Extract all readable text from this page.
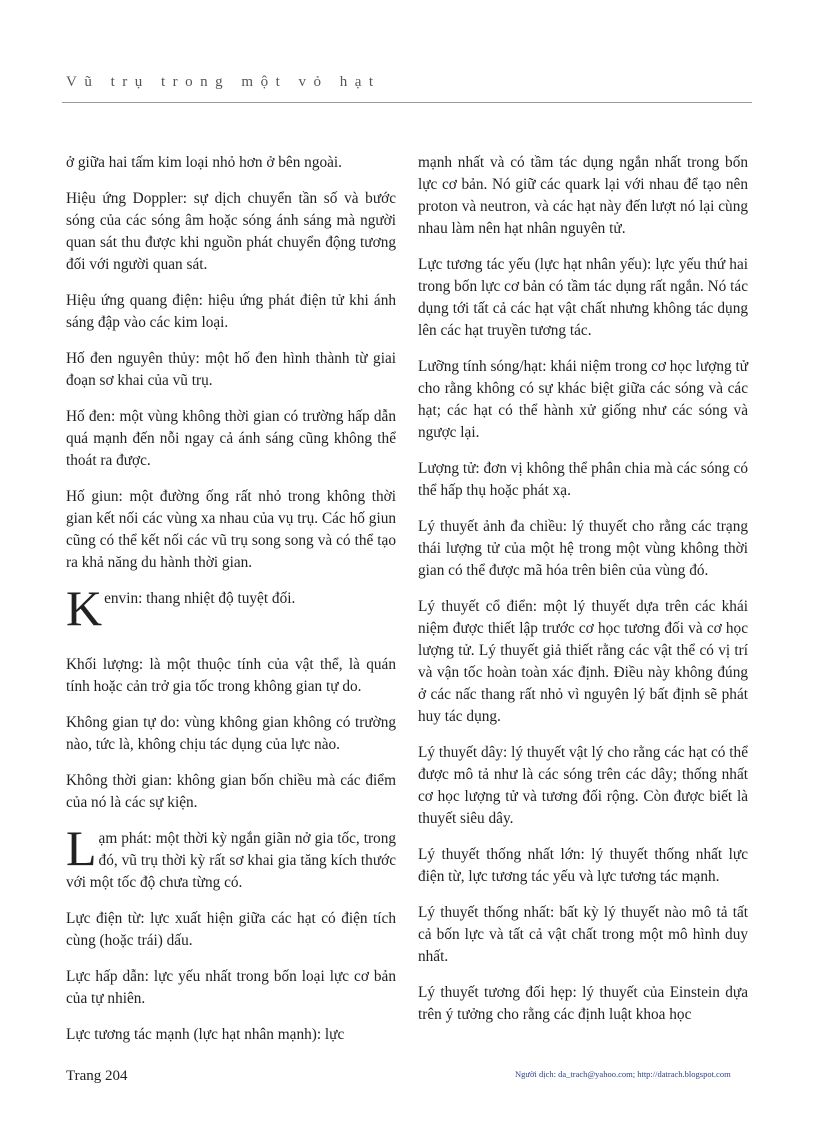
Vũ trụ trong một vỏ hạt

ở giữa hai tấm kim loại nhỏ hơn ở bên ngoài.

Hiệu ứng Doppler: sự dịch chuyển tần số và bước sóng của các sóng âm hoặc sóng ánh sáng mà người quan sát thu được khi nguồn phát chuyển động tương đối với người quan sát.

Hiệu ứng quang điện: hiệu ứng phát điện tử khi ánh sáng đập vào các kim loại.

Hố đen nguyên thủy: một hố đen hình thành từ giai đoạn sơ khai của vũ trụ.

Hố đen: một vùng không thời gian có trường hấp dẫn quá mạnh đến nỗi ngay cả ánh sáng cũng không thể thoát ra được.

Hố giun: một đường ống rất nhỏ trong không thời gian kết nối các vùng xa nhau của vụ trụ. Các hố giun cũng có thể kết nối các vũ trụ song song và có thể tạo ra khả năng du hành thời gian.

Kenvin: thang nhiệt độ tuyệt đối.

Khối lượng: là một thuộc tính của vật thể, là quán tính hoặc cản trở gia tốc trong không gian tự do.

Không gian tự do: vùng không gian không có trường nào, tức là, không chịu tác dụng của lực nào.

Không thời gian: không gian bốn chiều mà các điểm của nó là các sự kiện.

Lạm phát: một thời kỳ ngắn giãn nở gia tốc, trong đó, vũ trụ thời kỳ rất sơ khai gia tăng kích thước với một tốc độ chưa từng có.

Lực điện từ: lực xuất hiện giữa các hạt có điện tích cùng (hoặc trái) dấu.

Lực hấp dẫn: lực yếu nhất trong bốn loại lực cơ bản của tự nhiên.

Lực tương tác mạnh (lực hạt nhân mạnh): lực

mạnh nhất và có tầm tác dụng ngắn nhất trong bốn lực cơ bản. Nó giữ các quark lại với nhau để tạo nên proton và neutron, và các hạt này đến lượt nó lại cùng nhau làm nên hạt nhân nguyên tử.

Lực tương tác yếu (lực hạt nhân yếu): lực yếu thứ hai trong bốn lực cơ bản có tầm tác dụng rất ngắn. Nó tác dụng tới tất cả các hạt vật chất nhưng không tác dụng lên các hạt truyền tương tác.

Lưỡng tính sóng/hạt: khái niệm trong cơ học lượng tử cho rằng không có sự khác biệt giữa các sóng và các hạt; các hạt có thể hành xử giống như các sóng và ngược lại.

Lượng tử: đơn vị không thể phân chia mà các sóng có thể hấp thụ hoặc phát xạ.

Lý thuyết ảnh đa chiều: lý thuyết cho rằng các trạng thái lượng tử của một hệ trong một vùng không thời gian có thể được mã hóa trên biên của vùng đó.

Lý thuyết cổ điển: một lý thuyết dựa trên các khái niệm được thiết lập trước cơ học tương đối và cơ học lượng tử. Lý thuyết giả thiết rằng các vật thể có vị trí và vận tốc hoàn toàn xác định. Điều này không đúng ở các nấc thang rất nhỏ vì nguyên lý bất định sẽ phát huy tác dụng.

Lý thuyết dây: lý thuyết vật lý cho rằng các hạt có thể được mô tả như là các sóng trên các dây; thống nhất cơ học lượng tử và tương đối rộng. Còn được biết là thuyết siêu dây.

Lý thuyết thống nhất lớn: lý thuyết thống nhất lực điện từ, lực tương tác yếu và lực tương tác mạnh.

Lý thuyết thống nhất: bất kỳ lý thuyết nào mô tả tất cả bốn lực và tất cả vật chất trong một mô hình duy nhất.

Lý thuyết tương đối hẹp: lý thuyết của Einstein dựa trên ý tưởng cho rằng các định luật khoa học

Trang 204	Người dịch: da_trach@yahoo.com; http://datrach.blogspot.com
